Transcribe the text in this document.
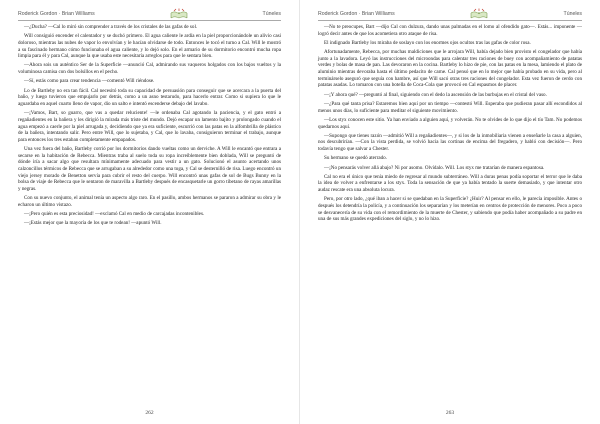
Roderick Gordon · Brian Williams	Túneles

—¿Ducha? —Cal lo miró sin comprender a través de los cristales de las gafas de sol.

Will consiguió encender el calentador y se duchó primero. El agua caliente le ardía en la piel proporcionándole un alivio casi doloroso, mientras las nubes de vapor lo envolvían y le hacían olvidarse de todo. Entonces le tocó el turno a Cal. Will le mostró a su fascinado hermano cómo funcionaba el agua caliente, y lo dejó solo. En el armario de su dormitorio encontró mucha ropa limpia para él y para Cal, aunque la que usaba este necesitaría arreglos para que le sentara bien.

—Ahora sois un auténtico Ser de la Superficie —anunció Cal, admirando sus vaqueros holgados con los bajos vueltos y la voluminosa camisa con dos bolsillos en el pecho.

—Sí, estás como para crear tendencia —comentó Will riéndose.

Lo de Bartleby no era tan fácil. Cal necesitó toda su capacidad de persuasión para conseguir que se acercara a la puerta del baño, y luego tuvieron que empujarlo por detrás, como a un asno testarudo, para hacerlo entrar. Como si supiera lo que le aguardaba en aquel cuarto lleno de vapor, dio un salto e intentó escenderse debajo del lavabo.

—¡Vamos, Bart, so guarro, que vas a quedar reluciente! —le ordenaba Cal agotando la paciencia, y el gato entró a regañadientes en la bañera y les dirigió la mirada más triste del mundo. Dejó escapar un lamento bajito y prolongado cuando el agua empezó a caerle por la piel arrugada y, decidiendo que ya era suficiente, escurrió con las patas en la alfombrilla de plástico de la bañera, intentando salir. Pero entre Will, que lo sujetaba, y Cal, que lo lavaba, consiguieron terminar el trabajo, aunque para entonces los tres estaban completamente empapados.

Una vez fuera del baño, Bartleby corrió por los dormitorios dando vueltas como un derviche. A Will le encantó que entrara a secarse en la habitación de Rebecca. Mientras traba al suelo toda su ropa increíblemente bien doblada, Will se preguntó de dónde iría a sacar algo que resultara mínimamente adecuado para vestir a un gato. Solucionó el asunto acertando unos calzoncillos térmicos de Rebecca que se arrugaban a su alrededor como una toga, y Cal se desternilló de risa. Luego encontró un viejo jersey morado de Benetton servía para cubrir el resto del cuerpo. Will encontró unas gafas de sol de Bugs Bunny en la bolsa de viaje de Rebecca que le sentaron de maravilla a Bartleby después de encasquetarle un gorro tibetano de rayas amarillas y negras.

Con su nuevo conjunto, el animal tenía un aspecto algo raro. En el pasillo, ambos hermanos se pararon a admirar su obra y le echaron un último vistazo.

—¡Pero quién es esta preciosidad! —exclamó Cal en medio de carcajadas incontenibles.

—¡Estás mejor que la mayoría de los que te rodean! —apuntó Will.

262
Roderick Gordon · Brian Williams	Túneles

—No te preocupes, Bart —dijo Cal con dulzura, dando unas palmadas en el lomo al ofendido gato—. Estás... imponente —logró decir antes de que los acometiera otro ataque de risa.

El indignado Bartleby los miraba de soslayo con los enormes ojos ocultos tras las gafas de color rosa.

Afortunadamente, Rebecca, por muchas maldiciones que le arrojara Will, había dejado bien provisto el congelador que había junto a la lavadora. Leyó las instrucciones del microondas para calentar tres raciones de buey con acompañamiento de patatas verdes y bolas de masa de pan. Las devoraron en la cocina. Bartleby lo hizo de pie, con las patas en la mesa, lamiendo el plato de aluminio mientras devoraba hasta el último pedacito de carne. Cal pensó que en lo mejor que había probado en su vida, pero al terminárselo aseguró que seguía con hambre, así que Will sacó otras tres raciones del congelador. Esta vez fueron de cerdo con patatas asadas. Lo tomaron con una botella de Coca-Cola que provocó en Cal espasmos de placer.

—¡Y ahora qué? —preguntó al final, siguiendo con el dedo la ascensión de las burbujas en el cristal del vaso.

—¿Para qué tanta prisa? Estaremos bien aquí por un tiempo —contestó Will. Esperaba que pudieran pasar allí escondidos al menos unos días, lo suficiente para meditar el siguiente movimiento.

—Los styx conocen este sitio. Ya han enviado a alguien aquí, y volverán. No te olvides de lo que dijo el tío Tam. No podemos quedarnos aquí.

—Supongo que tienes razón —admitió Will a regañadientes—, y si los de la inmobiliaria vienen a enseñarle la casa a alguien, nos descubrirían. —Con la vista perdida, se volvió hacia las cortinas de encima del fregadero, y habló con decisión—. Pero todavía tengo que salvar a Chester.

Su hermano se quedó aterrado.

—¡No pensarás volver allá abajo? Ni por asomo. Olvídalo. Will. Los styx me tratarían de manera espantosa.

Cal no era el único que tenía miedo de regresar al mundo subterráneo. Will a duras penas podía soportar el terror que le daba la idea de volver a enfrentarse a los styx. Toda la sensación de que ya había tentado la suerte demasiado, y que intentar otro audaz rescate era una absoluta locura.

Pero, por otro lado, ¿qué iban a hacer si se quedaban en la Superficie? ¿Huir? Al pensar en ello, le parecía imposible. Antes o después los detendría la policía, y a continuación los separarían y los meterían en centros de protección de menores. Poco a poco se desvanecería de su vida con el remordimiento de la muerte de Chester, y sabiendo que podía haber acompañado a su padre en una de sus más grandes expediciones del siglo, y no lo hizo.

263
